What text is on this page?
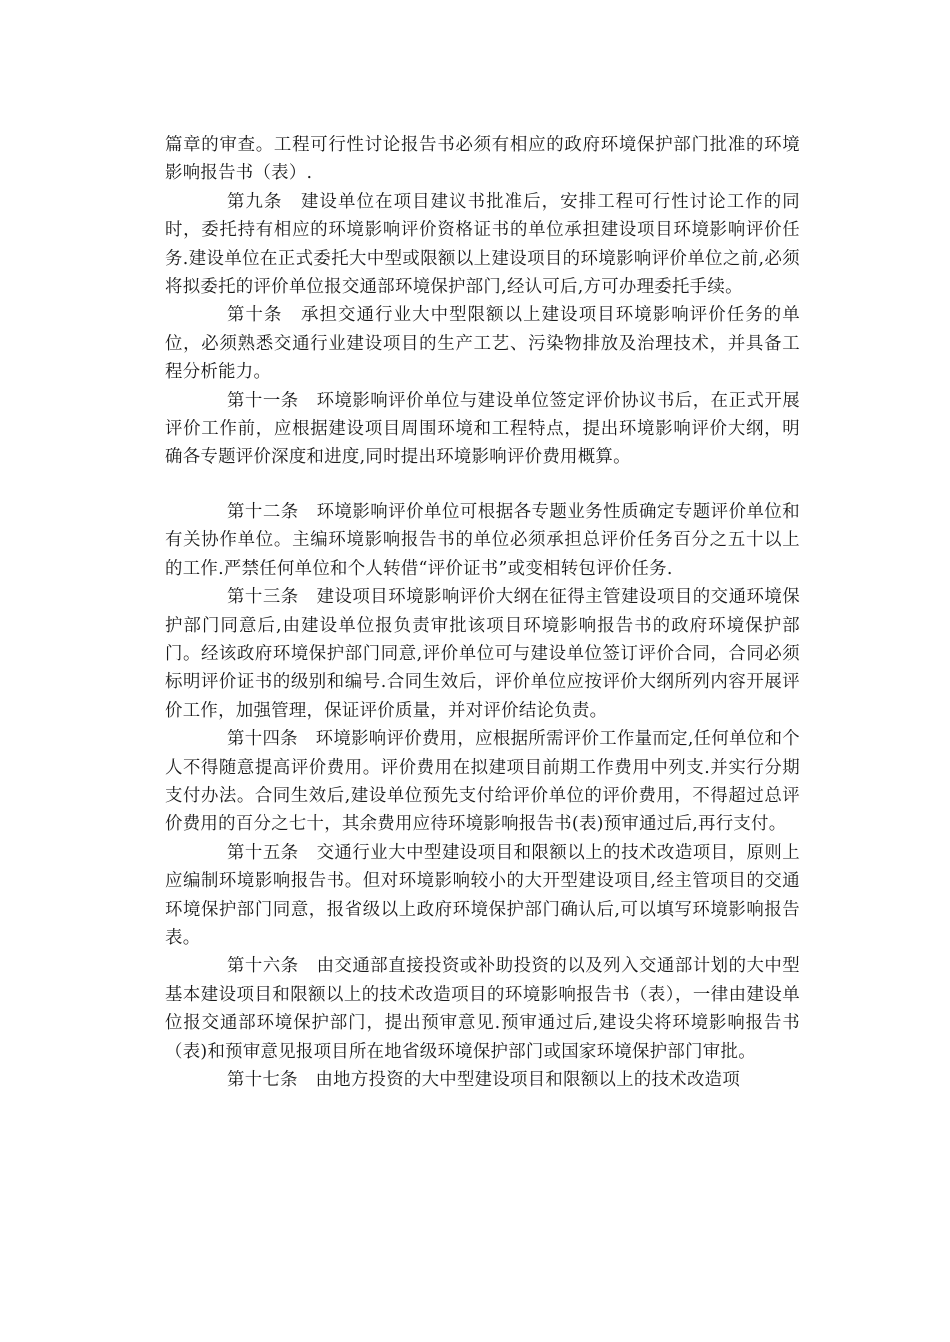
篇章的审查。工程可行性讨论报告书必须有相应的政府环境保护部门批准的环境影响报告书（表）.

第九条　建设单位在项目建议书批准后，安排工程可行性讨论工作的同时，委托持有相应的环境影响评价资格证书的单位承担建设项目环境影响评价任务.建设单位在正式委托大中型或限额以上建设项目的环境影响评价单位之前,必须将拟委托的评价单位报交通部环境保护部门,经认可后,方可办理委托手续。

第十条　承担交通行业大中型限额以上建设项目环境影响评价任务的单位，必须熟悉交通行业建设项目的生产工艺、污染物排放及治理技术，并具备工程分析能力。

第十一条　环境影响评价单位与建设单位签定评价协议书后，在正式开展评价工作前，应根据建设项目周围环境和工程特点，提出环境影响评价大纲，明确各专题评价深度和进度,同时提出环境影响评价费用概算。

第十二条　环境影响评价单位可根据各专题业务性质确定专题评价单位和有关协作单位。主编环境影响报告书的单位必须承担总评价任务百分之五十以上的工作.严禁任何单位和个人转借“评价证书”或变相转包评价任务.

第十三条　建设项目环境影响评价大纲在征得主管建设项目的交通环境保护部门同意后,由建设单位报负责审批该项目环境影响报告书的政府环境保护部门。经该政府环境保护部门同意,评价单位可与建设单位签订评价合同，合同必须标明评价证书的级别和编号.合同生效后，评价单位应按评价大纲所列内容开展评价工作，加强管理，保证评价质量，并对评价结论负责。

第十四条　环境影响评价费用，应根据所需评价工作量而定,任何单位和个人不得随意提高评价费用。评价费用在拟建项目前期工作费用中列支.并实行分期支付办法。合同生效后,建设单位预先支付给评价单位的评价费用，不得超过总评价费用的百分之七十，其余费用应待环境影响报告书(表)预审通过后,再行支付。

第十五条　交通行业大中型建设项目和限额以上的技术改造项目，原则上应编制环境影响报告书。但对环境影响较小的大开型建设项目,经主管项目的交通环境保护部门同意，报省级以上政府环境保护部门确认后,可以填写环境影响报告表。

第十六条　由交通部直接投资或补助投资的以及列入交通部计划的大中型基本建设项目和限额以上的技术改造项目的环境影响报告书（表），一律由建设单位报交通部环境保护部门，提出预审意见.预审通过后,建设尖将环境影响报告书（表)和预审意见报项目所在地省级环境保护部门或国家环境保护部门审批。

第十七条　由地方投资的大中型建设项目和限额以上的技术改造项
